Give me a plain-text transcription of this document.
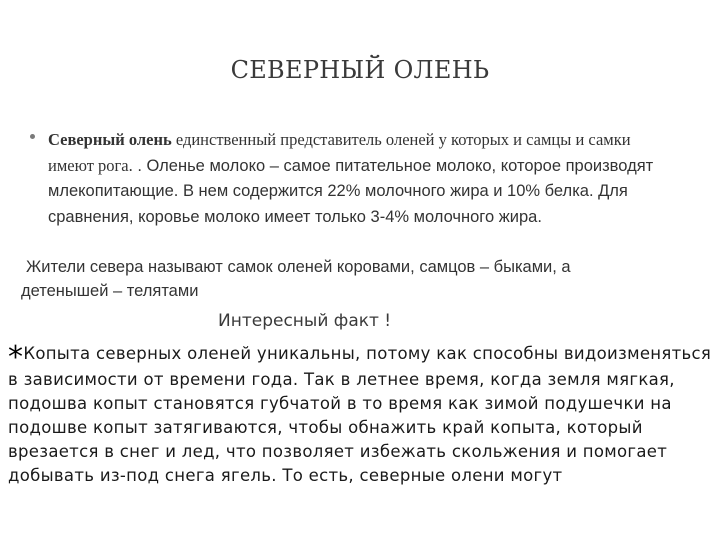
СЕВЕРНЫЙ ОЛЕНЬ
Северный олень единственный представитель оленей у которых и самцы и самки имеют рога. . Оленье молоко – самое питательное молоко, которое производят млекопитающие. В нем содержится 22% молочного жира и 10% белка. Для сравнения, коровье молоко имеет только 3-4% молочного жира.
Жители севера называют самок оленей коровами, самцов – быками, а детенышей – телятами
Интересный факт !
*Копыта северных оленей уникальны, потому как способны видоизменяться в зависимости от времени года. Так в летнее время, когда земля мягкая, подошва копыт становятся губчатой в то время как зимой подушечки на подошве копыт затягиваются, чтобы обнажить край копыта, который врезается в снег и лед, что позволяет избежать скольжения и помогает добывать из-под снега ягель. То есть, северные олени могут
